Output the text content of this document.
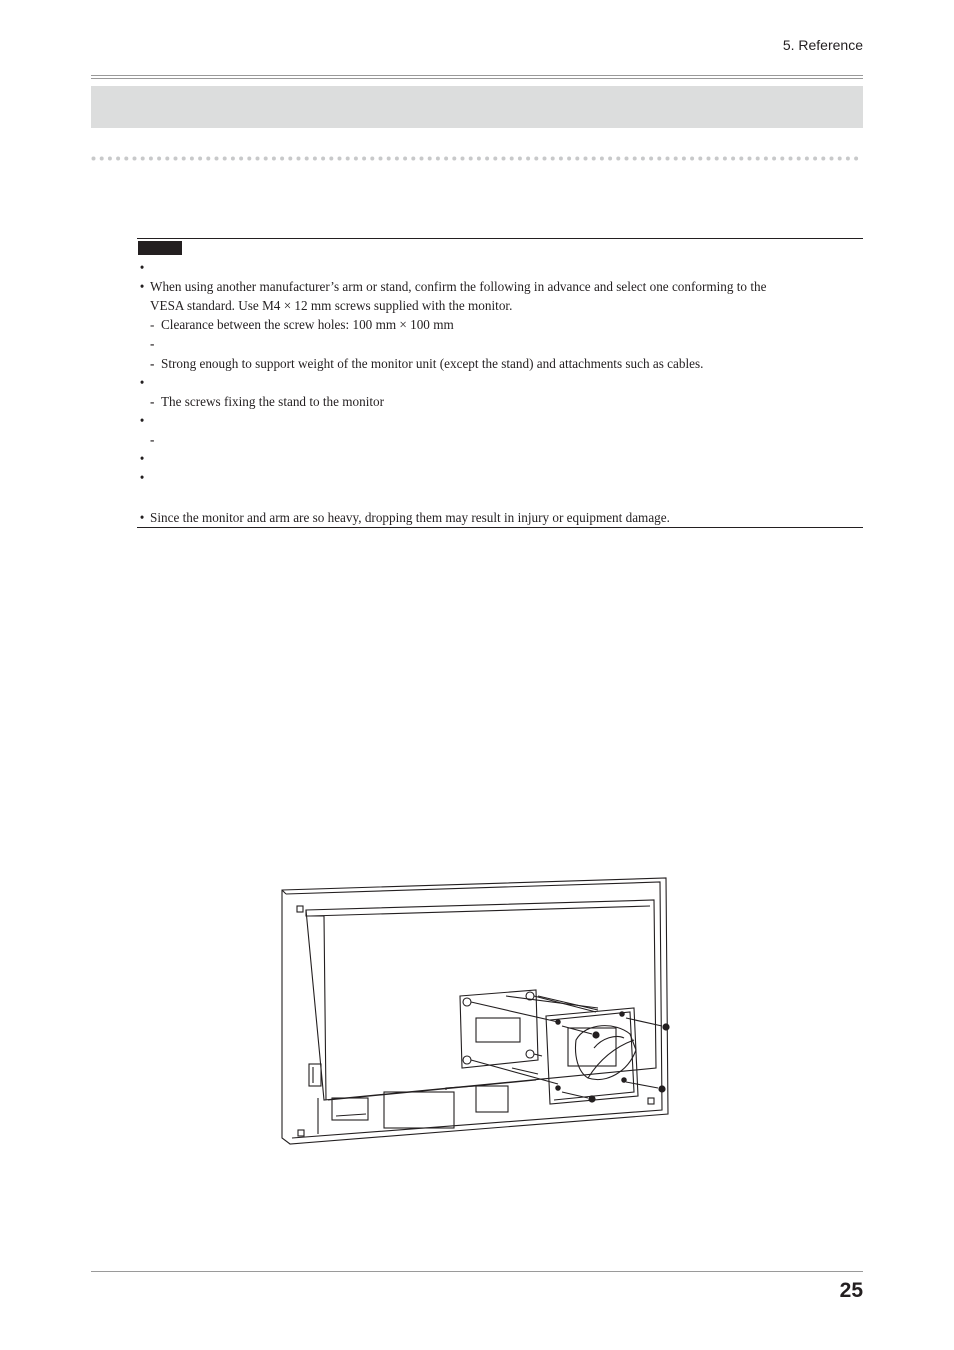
5. Reference
•
• When using another manufacturer’s arm or stand, confirm the following in advance and select one conforming to the
VESA standard. Use M4 × 12 mm screws supplied with the monitor.
- Clearance between the screw holes: 100 mm × 100 mm
-
- Strong enough to support weight of the monitor unit (except the stand) and attachments such as cables.
•
- The screws fixing the stand to the monitor
•
-
•
•
• Since the monitor and arm are so heavy, dropping them may result in injury or equipment damage.
25
